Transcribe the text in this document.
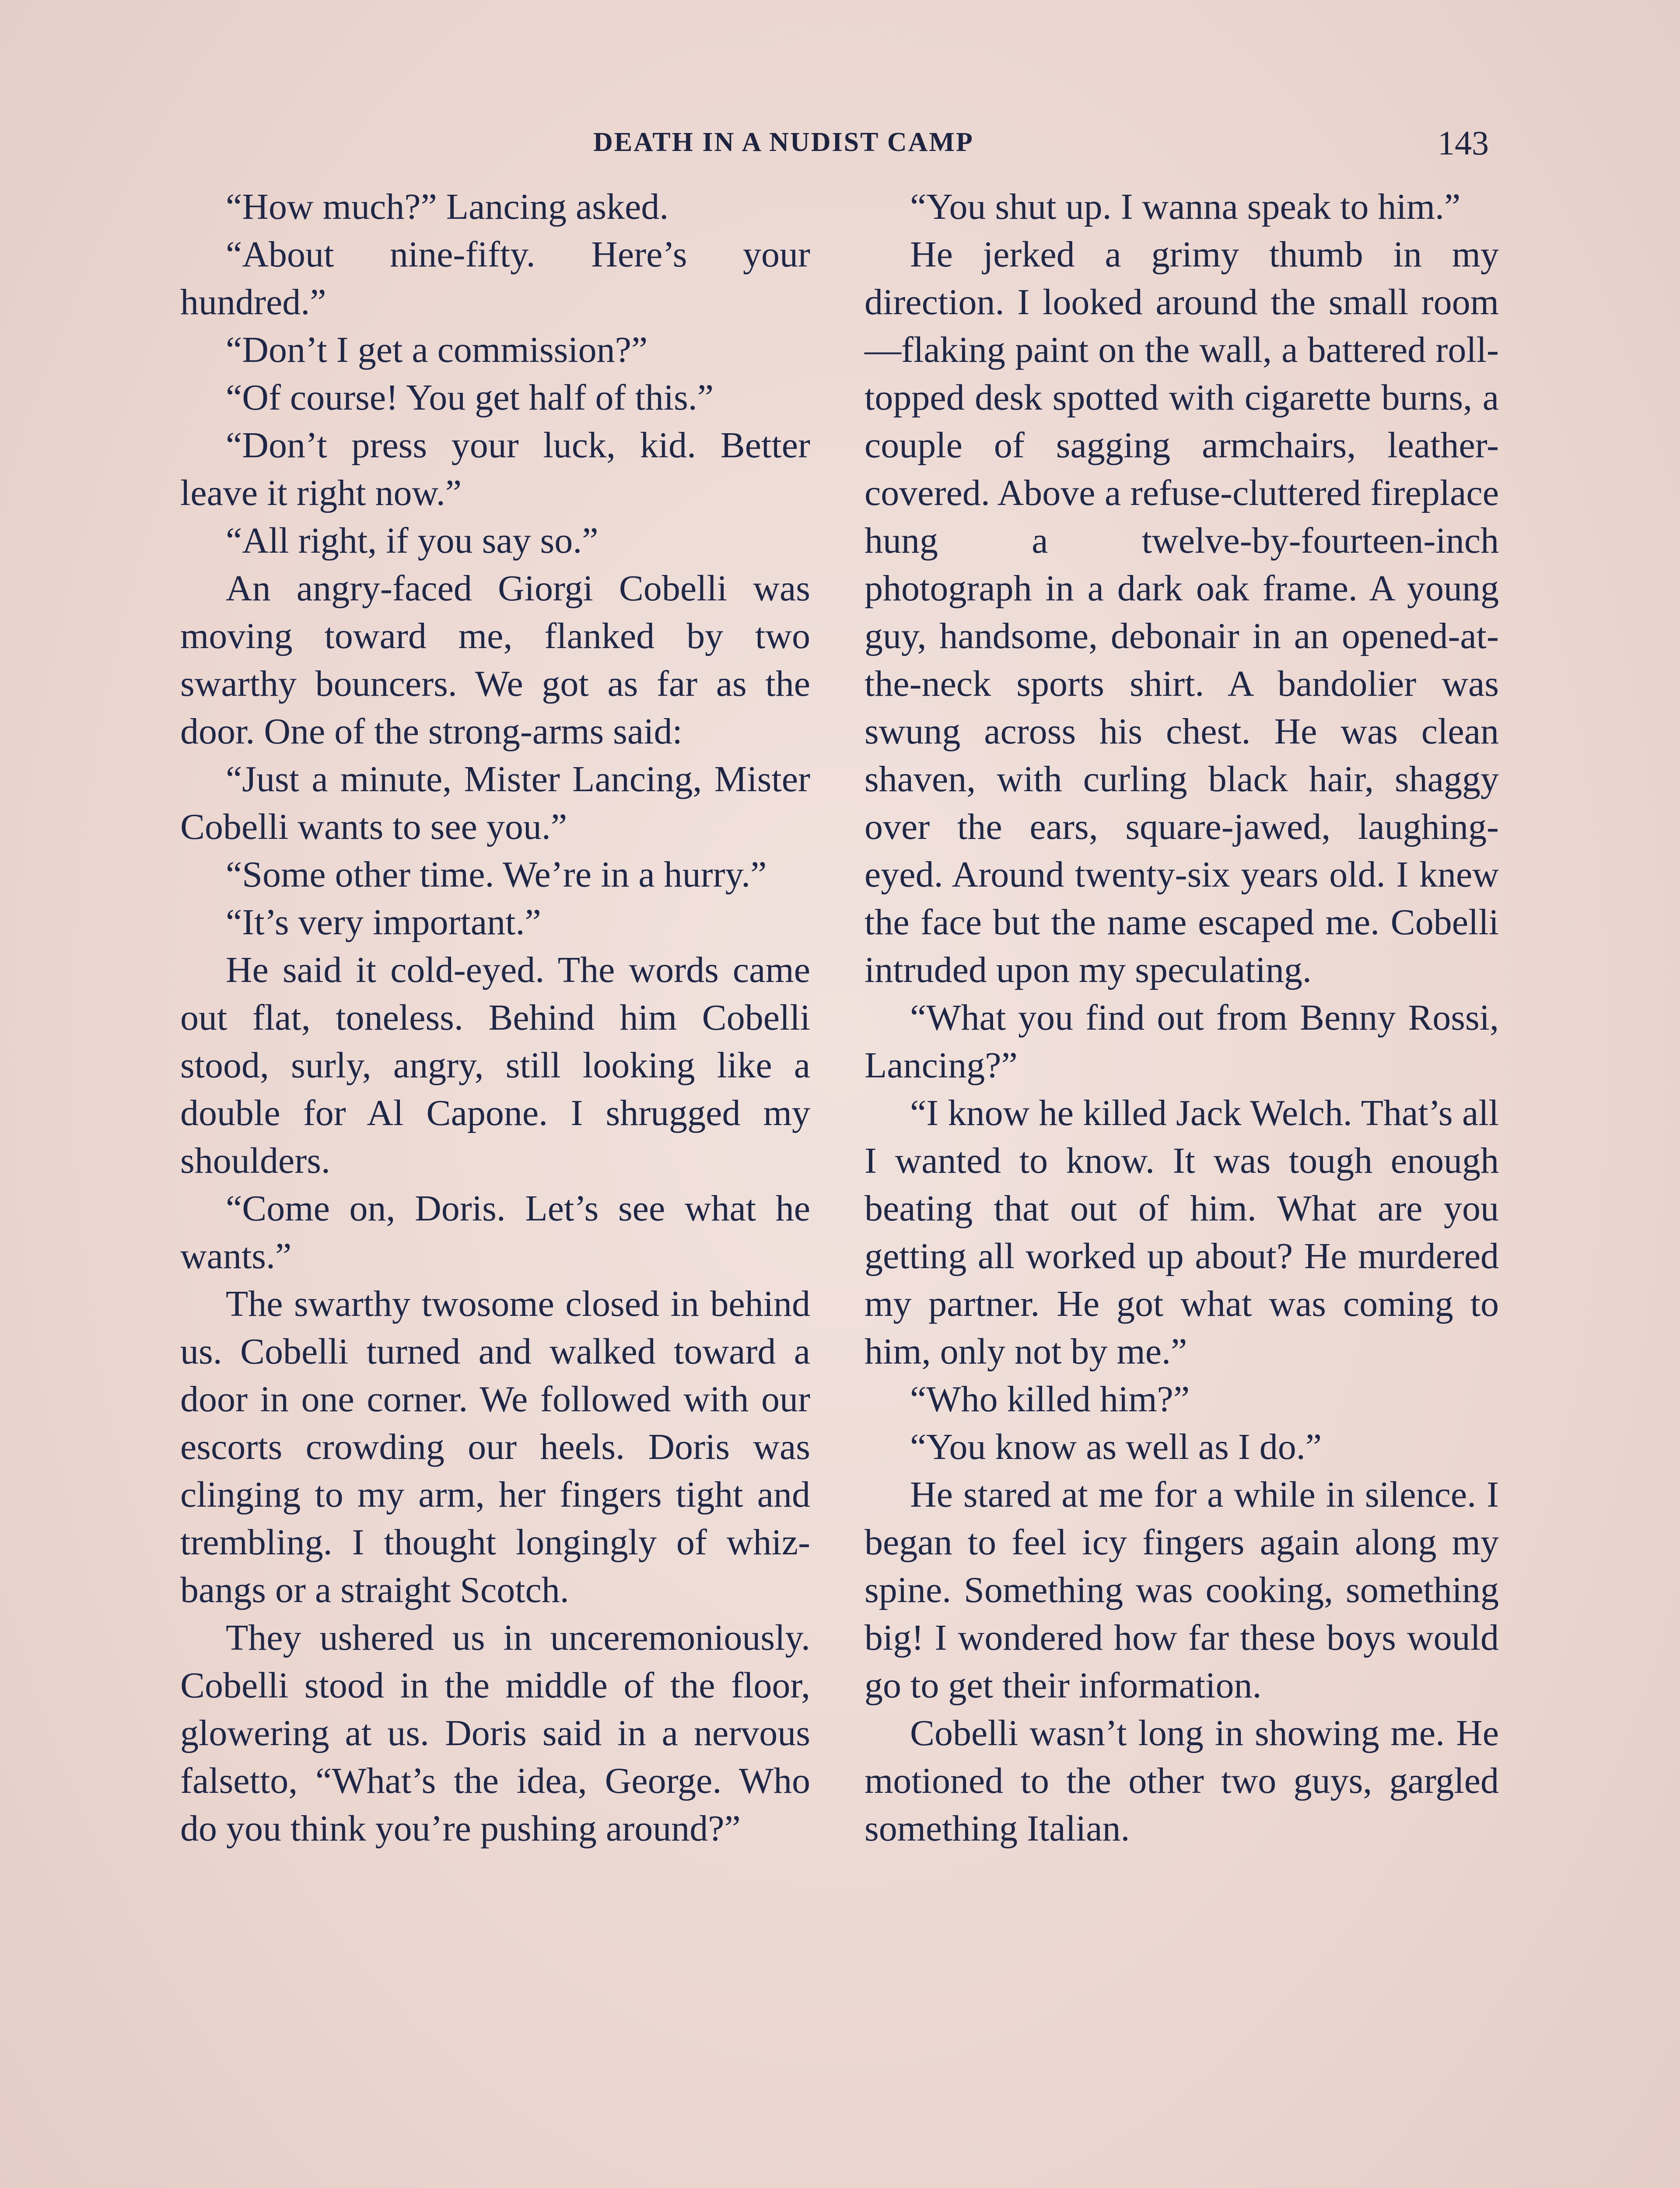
DEATH IN A NUDIST CAMP	143

“How much?” Lancing asked.

“About nine-fifty. Here’s your hundred.”

“Don’t I get a commission?”

“Of course! You get half of this.”

“Don’t press your luck, kid. Better leave it right now.”

“All right, if you say so.”

An angry-faced Giorgi Cobelli was moving toward me, flanked by two swarthy bouncers. We got as far as the door. One of the strong-arms said:

“Just a minute, Mister Lancing, Mister Cobelli wants to see you.”

“Some other time. We’re in a hurry.”

“It’s very important.”

He said it cold-eyed. The words came out flat, toneless. Behind him Cobelli stood, surly, angry, still looking like a double for Al Capone. I shrugged my shoulders.

“Come on, Doris. Let’s see what he wants.”

The swarthy twosome closed in behind us. Cobelli turned and walked toward a door in one corner. We followed with our escorts crowding our heels. Doris was clinging to my arm, her fingers tight and trembling. I thought longingly of whiz-bangs or a straight Scotch.

They ushered us in unceremoniously. Cobelli stood in the middle of the floor, glowering at us. Doris said in a nervous falsetto, “What’s the idea, George. Who do you think you’re pushing around?”

“You shut up. I wanna speak to him.”

He jerked a grimy thumb in my direction. I looked around the small room—flaking paint on the wall, a battered roll-topped desk spotted with cigarette burns, a couple of sagging armchairs, leather-covered. Above a refuse-cluttered fireplace hung a twelve-by-fourteen-inch photograph in a dark oak frame. A young guy, handsome, debonair in an opened-at-the-neck sports shirt. A bandolier was swung across his chest. He was clean shaven, with curling black hair, shaggy over the ears, square-jawed, laughing-eyed. Around twenty-six years old. I knew the face but the name escaped me. Cobelli intruded upon my speculating.

“What you find out from Benny Rossi, Lancing?”

“I know he killed Jack Welch. That’s all I wanted to know. It was tough enough beating that out of him. What are you getting all worked up about? He murdered my partner. He got what was coming to him, only not by me.”

“Who killed him?”

“You know as well as I do.”

He stared at me for a while in silence. I began to feel icy fingers again along my spine. Something was cooking, something big! I wondered how far these boys would go to get their information.

Cobelli wasn’t long in showing me. He motioned to the other two guys, gargled something Italian.
